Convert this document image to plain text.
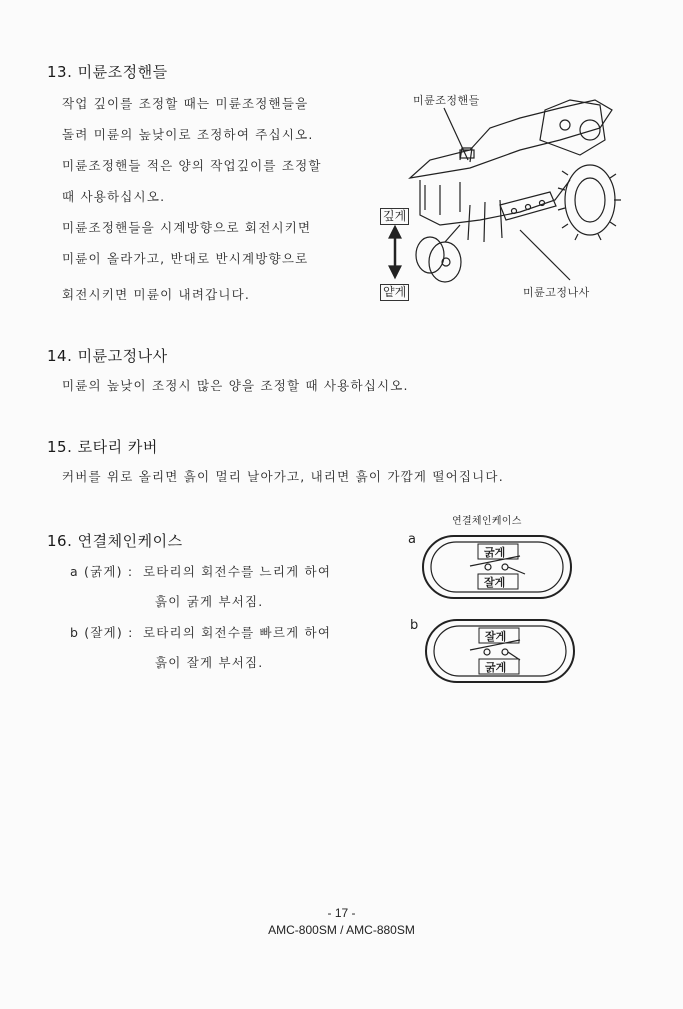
13. 미륜조정핸들
작업 깊이를 조정할 때는 미륜조정핸들을
돌려 미륜의 높낮이로 조정하여 주십시오.
미륜조정핸들 적은 양의 작업깊이를 조정할
때 사용하십시오.
미륜조정핸들을 시계방향으로 회전시키면
미륜이 올라가고, 반대로 반시계방향으로
회전시키면 미륜이 내려갑니다.
미륜조정핸들
깊게
얕게	미륜고정나사
14. 미륜고정나사
미륜의 높낮이 조정시 많은 양을 조정할 때 사용하십시오.
15. 로타리 카버
커버를 위로 올리면 흙이 멀리 날아가고, 내리면 흙이 가깝게 떨어집니다.
16. 연결체인케이스
a (굵게) : 로타리의 회전수를 느리게 하여
흙이 굵게 부서짐.
b (잘게) : 로타리의 회전수를 빠르게 하여
흙이 잘게 부서짐.
연결체인케이스
a
b
굵게
잘게
잘게
굵게
- 17 -
AMC-800SM / AMC-880SM
